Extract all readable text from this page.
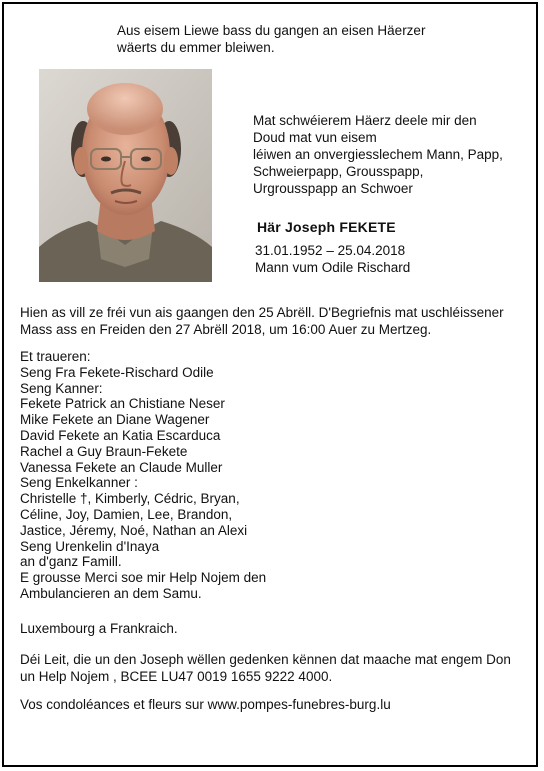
Aus eisem Liewe bass du gangen an eisen Häerzer
wäerts du emmer bleiwen.
Mat schwéierem Häerz deele mir den
Doud mat vun eisem
léiwen an onvergiesslechem Mann, Papp,
Schweierpapp, Grousspapp,
Urgrousspapp an Schwoer
Här Joseph FEKETE
31.01.1952 – 25.04.2018
Mann vum Odile Rischard
Hien as vill ze fréi vun ais gaangen den 25 Abrëll. D'Begriefnis mat uschléissener
Mass ass en Freiden den 27 Abrëll 2018, um 16:00 Auer zu Mertzeg.
Et traueren:
Seng Fra Fekete-Rischard Odile
Seng Kanner:
Fekete Patrick an Chistiane Neser
Mike Fekete an Diane Wagener
David Fekete an Katia Escarduca
Rachel a Guy Braun-Fekete
Vanessa Fekete an Claude Muller
Seng Enkelkanner :
Christelle †, Kimberly, Cédric, Bryan,
Céline, Joy, Damien, Lee, Brandon,
Jastice, Jéremy, Noé, Nathan an Alexi
Seng Urenkelin d'Inaya
an d'ganz Famill.
E grousse Merci soe mir Help Nojem den
Ambulancieren an dem Samu.
Luxembourg a Frankraich.
Déi Leit, die un den Joseph wëllen gedenken kënnen dat maache mat engem Don
un Help Nojem , BCEE LU47 0019 1655 9222 4000.
Vos condoléances et fleurs sur www.pompes-funebres-burg.lu
